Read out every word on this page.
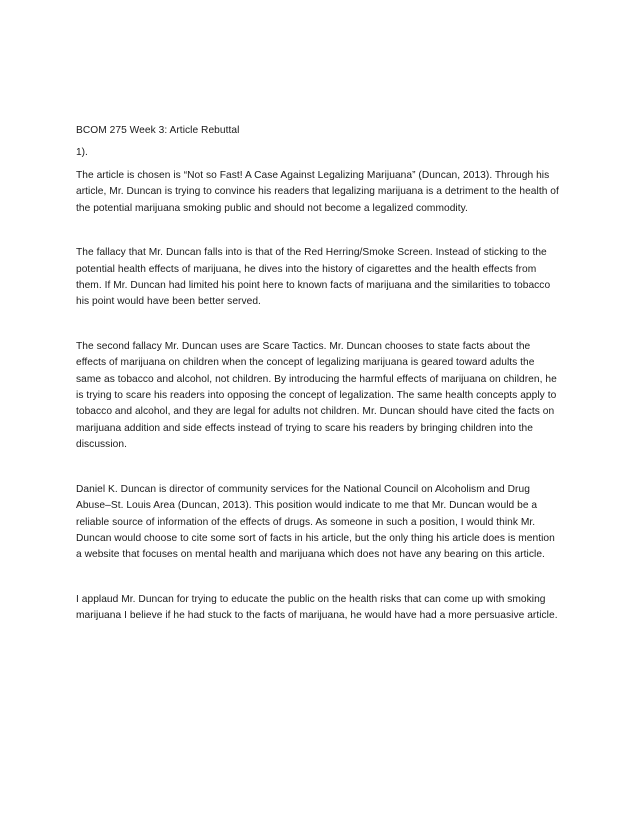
BCOM 275 Week 3: Article Rebuttal

1).

The article is chosen is “Not so Fast! A Case Against Legalizing Marijuana” (Duncan, 2013). Through his article, Mr. Duncan is trying to convince his readers that legalizing marijuana is a detriment to the health of the potential marijuana smoking public and should not become a legalized commodity.

The fallacy that Mr. Duncan falls into is that of the Red Herring/Smoke Screen. Instead of sticking to the potential health effects of marijuana, he dives into the history of cigarettes and the health effects from them. If Mr. Duncan had limited his point here to known facts of marijuana and the similarities to tobacco his point would have been better served.

The second fallacy Mr. Duncan uses are Scare Tactics. Mr. Duncan chooses to state facts about the effects of marijuana on children when the concept of legalizing marijuana is geared toward adults the same as tobacco and alcohol, not children. By introducing the harmful effects of marijuana on children, he is trying to scare his readers into opposing the concept of legalization. The same health concepts apply to tobacco and alcohol, and they are legal for adults not children. Mr. Duncan should have cited the facts on marijuana addition and side effects instead of trying to scare his readers by bringing children into the discussion.

Daniel K. Duncan is director of community services for the National Council on Alcoholism and Drug Abuse–St. Louis Area (Duncan, 2013). This position would indicate to me that Mr. Duncan would be a reliable source of information of the effects of drugs. As someone in such a position, I would think Mr. Duncan would choose to cite some sort of facts in his article, but the only thing his article does is mention a website that focuses on mental health and marijuana which does not have any bearing on this article.

I applaud Mr. Duncan for trying to educate the public on the health risks that can come up with smoking marijuana I believe if he had stuck to the facts of marijuana, he would have had a more persuasive article.
